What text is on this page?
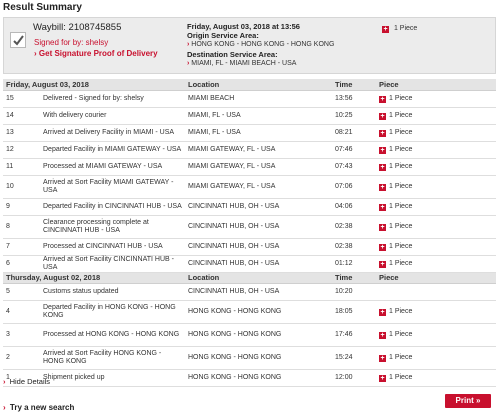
Result Summary
Waybill: 2108745855
Signed for by: shelsy
› Get Signature Proof of Delivery
Friday, August 03, 2018 at 13:56
Origin Service Area:
› HONG KONG - HONG KONG - HONG KONG
Destination Service Area:
› MIAMI, FL - MIAMI BEACH - USA
+ 1 Piece
Friday, August 03, 2018		Location	Time	Piece
15	Delivered - Signed for by: shelsy	MIAMI BEACH	13:56	+ 1 Piece
14	With delivery courier	MIAMI, FL - USA	10:25	+ 1 Piece
13	Arrived at Delivery Facility in MIAMI - USA	MIAMI, FL - USA	08:21	+ 1 Piece
12	Departed Facility in MIAMI GATEWAY - USA	MIAMI GATEWAY, FL - USA	07:46	+ 1 Piece
11	Processed at MIAMI GATEWAY - USA	MIAMI GATEWAY, FL - USA	07:43	+ 1 Piece
10	Arrived at Sort Facility MIAMI GATEWAY - USA	MIAMI GATEWAY, FL - USA	07:06	+ 1 Piece
9	Departed Facility in CINCINNATI HUB - USA	CINCINNATI HUB, OH - USA	04:06	+ 1 Piece
8	Clearance processing complete at CINCINNATI HUB - USA	CINCINNATI HUB, OH - USA	02:38	+ 1 Piece
7	Processed at CINCINNATI HUB - USA	CINCINNATI HUB, OH - USA	02:38	+ 1 Piece
6	Arrived at Sort Facility CINCINNATI HUB - USA	CINCINNATI HUB, OH - USA	01:12	+ 1 Piece
Thursday, August 02, 2018		Location	Time	Piece
5	Customs status updated	CINCINNATI HUB, OH - USA	10:20	
4	Departed Facility in HONG KONG - HONG KONG	HONG KONG - HONG KONG	18:05	+ 1 Piece
3	Processed at HONG KONG - HONG KONG	HONG KONG - HONG KONG	17:46	+ 1 Piece
2	Arrived at Sort Facility HONG KONG - HONG KONG	HONG KONG - HONG KONG	15:24	+ 1 Piece
1	Shipment picked up	HONG KONG - HONG KONG	12:00	+ 1 Piece
› Hide Details
› Try a new search
Print »
